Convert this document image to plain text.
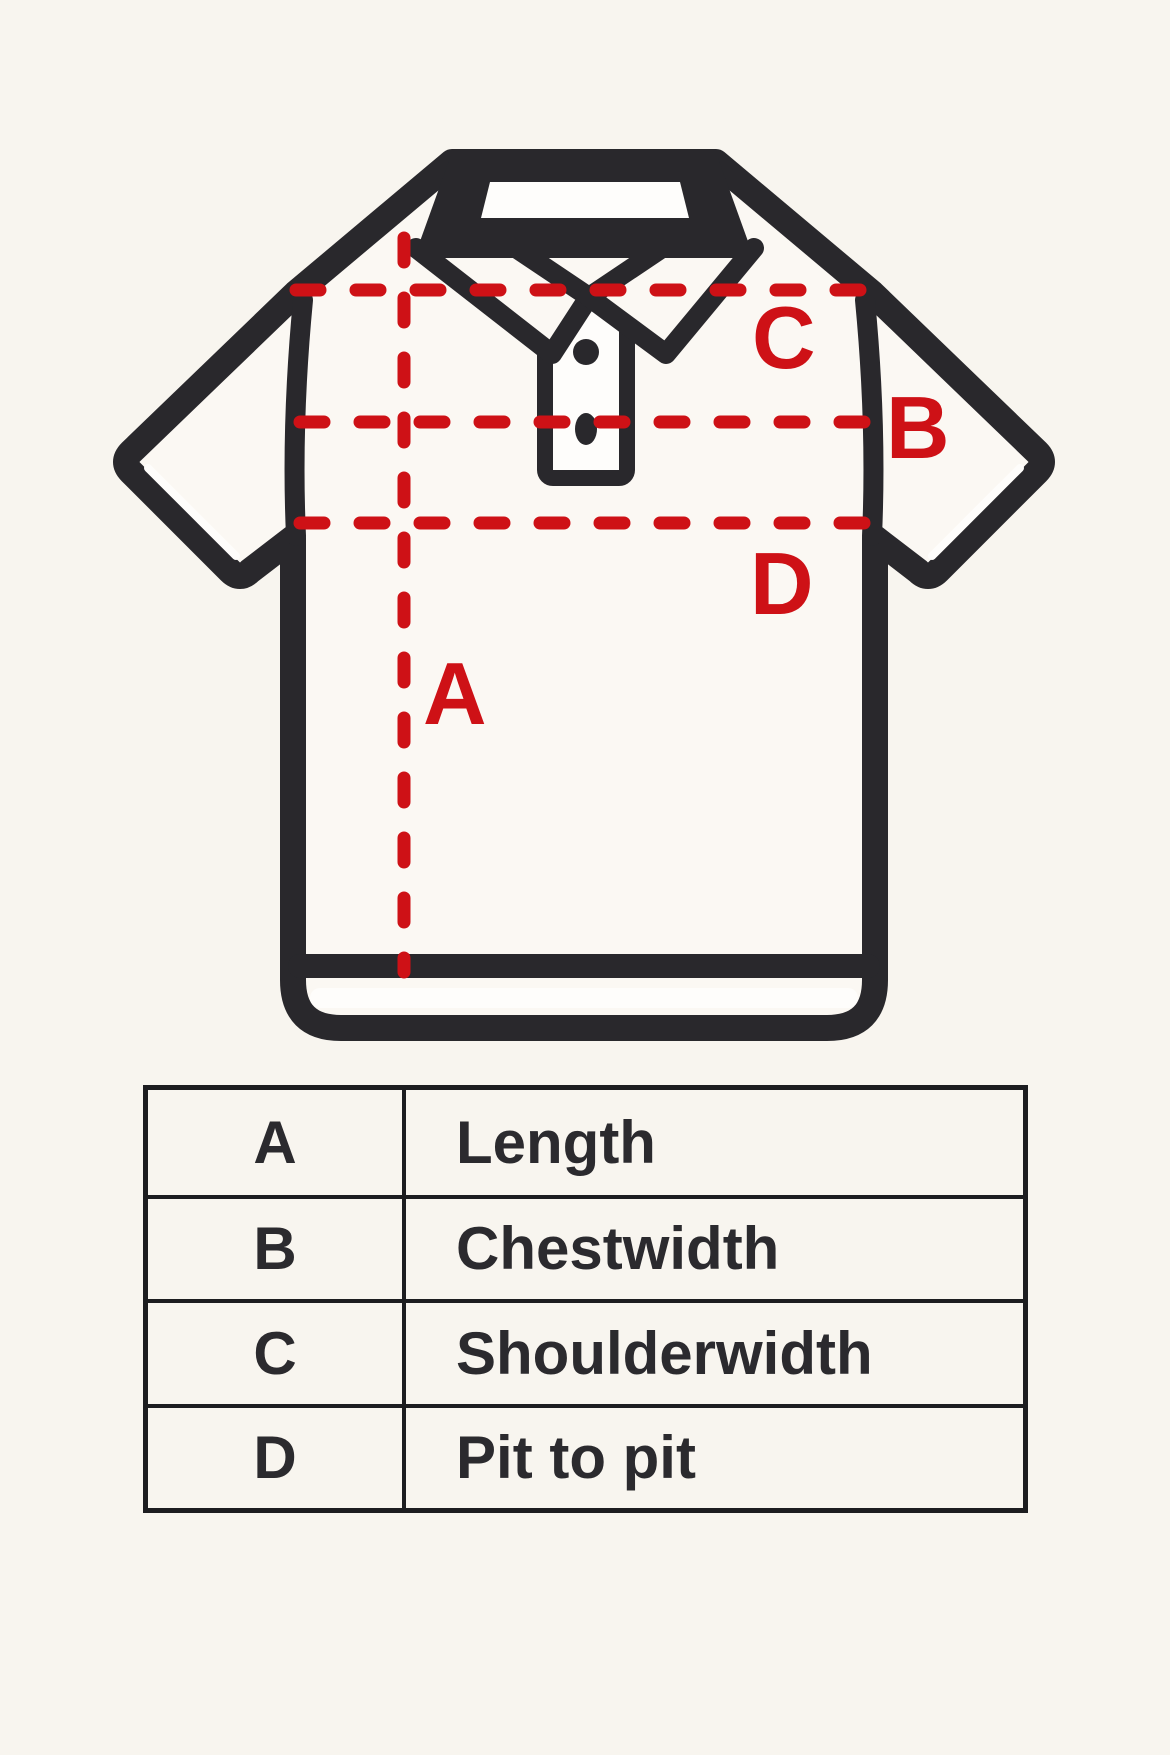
C
B
D
A
A	Length
B	Chestwidth
C	Shoulderwidth
D	Pit to pit
